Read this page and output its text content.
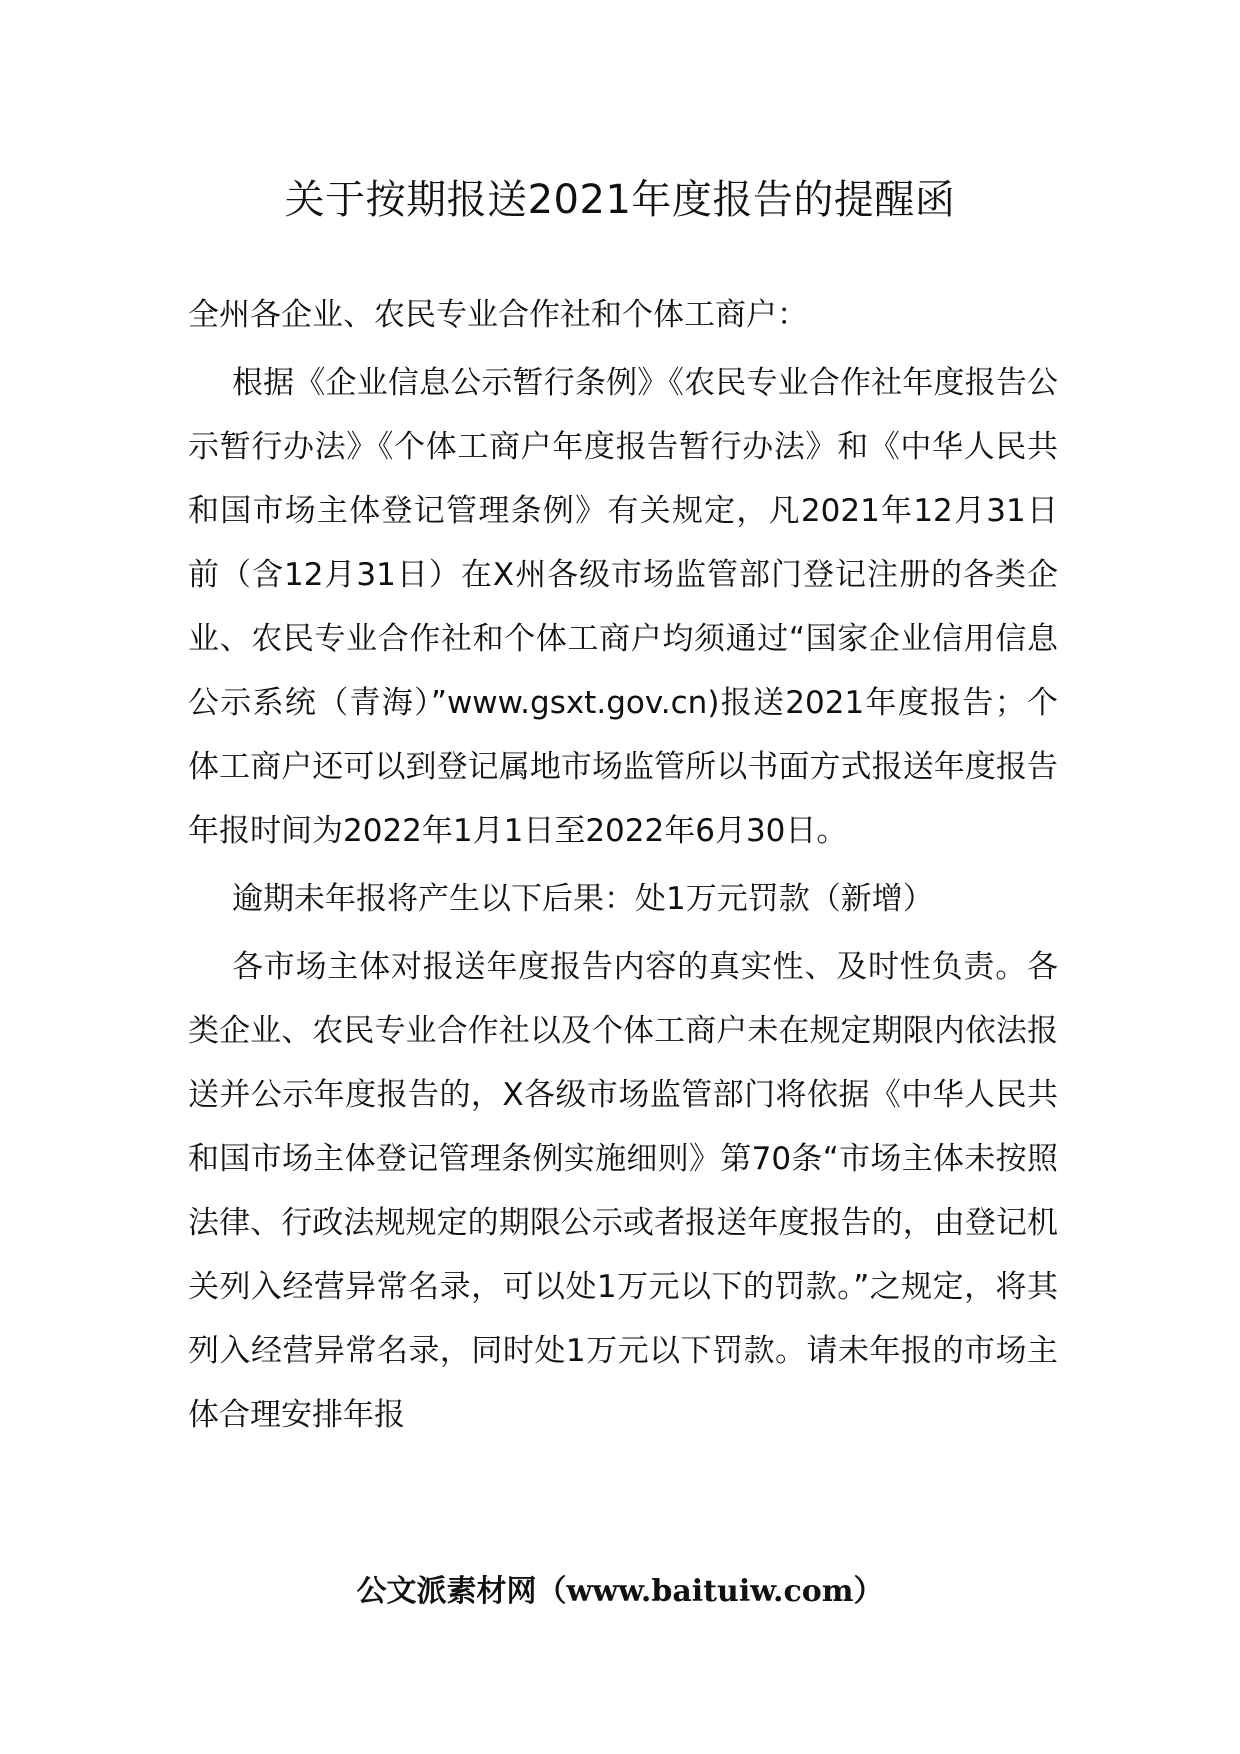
关于按期报送2021年度报告的提醒函

全州各企业、农民专业合作社和个体工商户：

根据《企业信息公示暂行条例》《农民专业合作社年度报告公示暂行办法》《个体工商户年度报告暂行办法》和《中华人民共和国市场主体登记管理条例》有关规定，凡2021年12月31日前（含12月31日）在X州各级市场监管部门登记注册的各类企业、农民专业合作社和个体工商户均须通过“国家企业信用信息公示系统（青海）”www.gsxt.gov.cn)报送2021年度报告；个体工商户还可以到登记属地市场监管所以书面方式报送年度报告年报时间为2022年1月1日至2022年6月30日。

逾期未年报将产生以下后果：处1万元罚款（新增）

各市场主体对报送年度报告内容的真实性、及时性负责。各类企业、农民专业合作社以及个体工商户未在规定期限内依法报送并公示年度报告的，X各级市场监管部门将依据《中华人民共和国市场主体登记管理条例实施细则》第70条“市场主体未按照法律、行政法规规定的期限公示或者报送年度报告的，由登记机关列入经营异常名录，可以处1万元以下的罚款。”之规定，将其列入经营异常名录，同时处1万元以下罚款。请未年报的市场主体合理安排年报

公文派素材网（www.baituiw.com）
